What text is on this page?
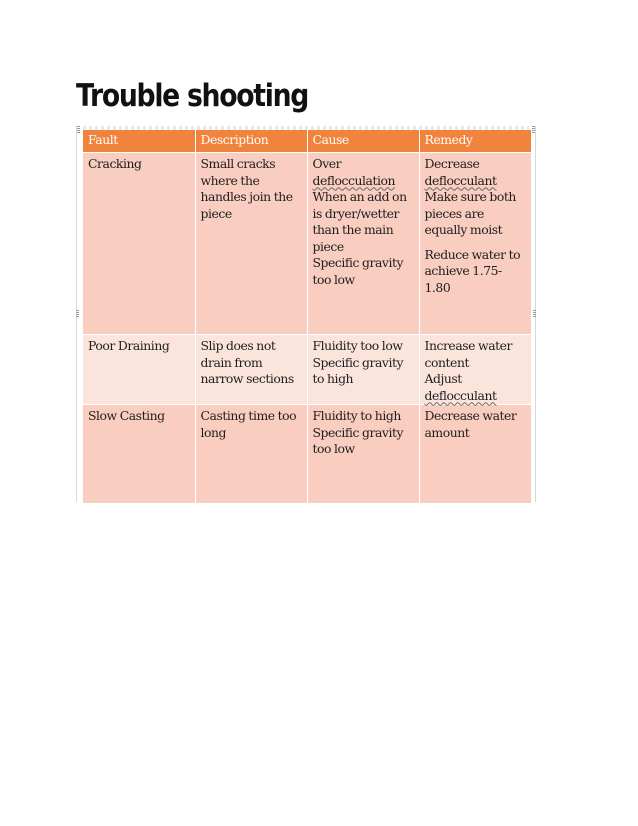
Trouble shooting
Fault	Description	Cause	Remedy
Cracking	Small cracks where the handles join the piece	Over
deflocculation
When an add on is dryer/wetter than the main piece
Specific gravity too low	Decrease
deflocculant
Make sure both pieces are equally moist
Reduce water to achieve 1.75-1.80

Poor Draining	Slip does not drain from narrow sections	Fluidity too low
Specific gravity to high	Increase water content
Adjust
deflocculant

Slow Casting	Casting time too long	Fluidity to high
Specific gravity too low	Decrease water amount
